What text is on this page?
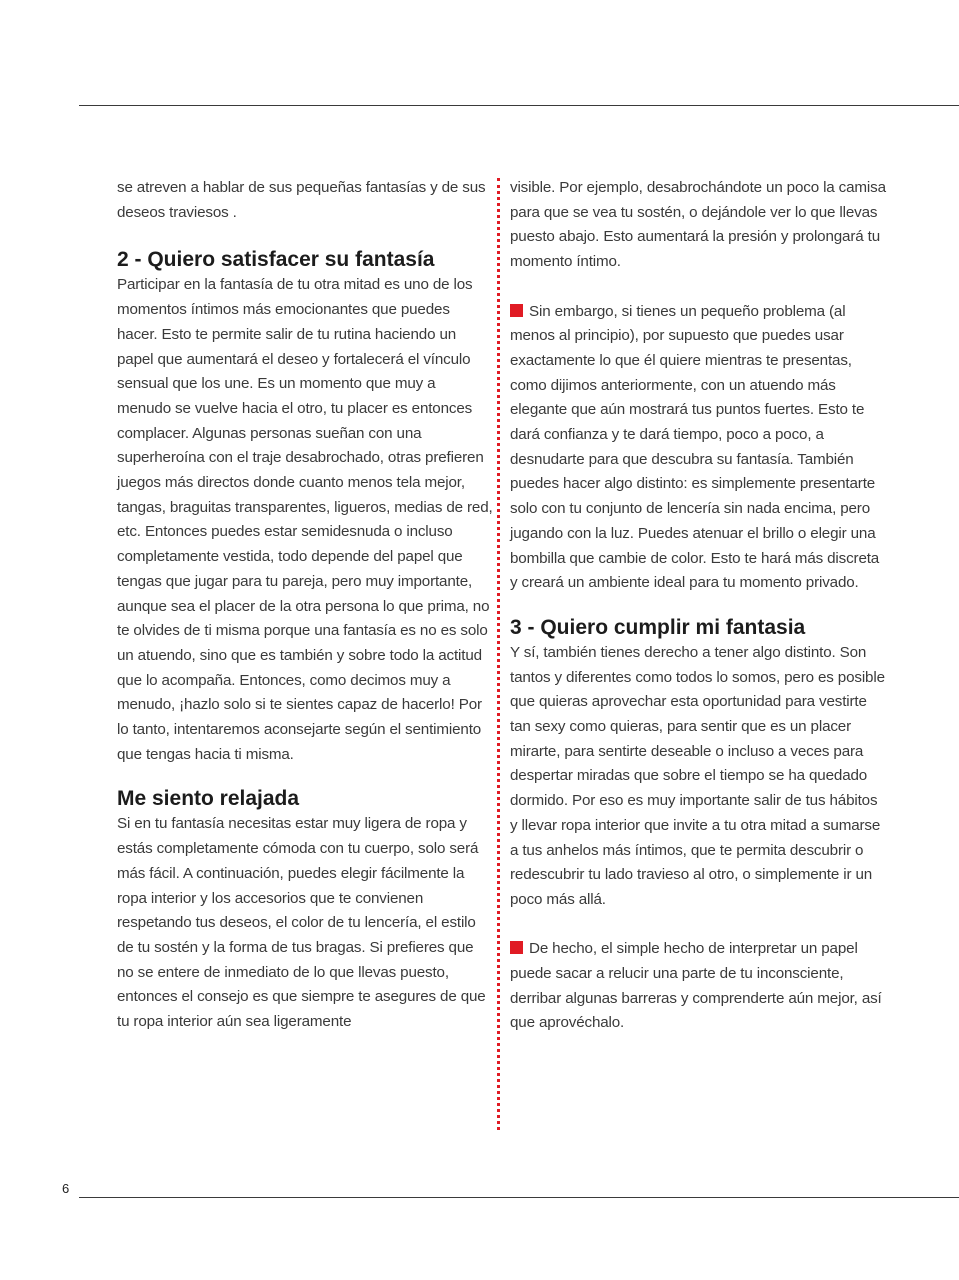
se atreven a hablar de sus pequeñas fantasías y de sus deseos traviesos .

2 - Quiero satisfacer su fantasía

Participar en la fantasía de tu otra mitad es uno de los momentos íntimos más emocionantes que puedes hacer. Esto te permite salir de tu rutina haciendo un papel que aumentará el deseo y fortalecerá el vínculo sensual que los une. Es un momento que muy a menudo se vuelve hacia el otro, tu placer es entonces complacer. Algunas personas sueñan con una superheroína con el traje desabrochado, otras prefieren juegos más directos donde cuanto menos tela mejor, tangas, braguitas transparentes, ligueros, medias de red, etc. Entonces puedes estar semidesnuda o incluso completamente vestida, todo depende del papel que tengas que jugar para tu pareja, pero muy importante, aunque sea el placer de la otra persona lo que prima, no te olvides de ti misma porque una fantasía es no es solo un atuendo, sino que es también y sobre todo la actitud que lo acompaña. Entonces, como decimos muy a menudo, ¡hazlo solo si te sientes capaz de hacerlo! Por lo tanto, intentaremos aconsejarte según el sentimiento que tengas hacia ti misma.

Me siento relajada

Si en tu fantasía necesitas estar muy ligera de ropa y estás completamente cómoda con tu cuerpo, solo será más fácil. A continuación, puedes elegir fácilmente la ropa interior y los accesorios que te convienen respetando tus deseos, el color de tu lencería, el estilo de tu sostén y la forma de tus bragas. Si prefieres que no se entere de inmediato de lo que llevas puesto, entonces el consejo es que siempre te asegures de que tu ropa interior aún sea ligeramente

visible. Por ejemplo, desabrochándote un poco la camisa para que se vea tu sostén, o dejándole ver lo que llevas puesto abajo. Esto aumentará la presión y prolongará tu momento íntimo.

Sin embargo, si tienes un pequeño problema (al menos al principio), por supuesto que puedes usar exactamente lo que él quiere mientras te presentas, como dijimos anteriormente, con un atuendo más elegante que aún mostrará tus puntos fuertes. Esto te dará confianza y te dará tiempo, poco a poco, a desnudarte para que descubra su fantasía. También puedes hacer algo distinto: es simplemente presentarte solo con tu conjunto de lencería sin nada encima, pero jugando con la luz. Puedes atenuar el brillo o elegir una bombilla que cambie de color. Esto te hará más discreta y creará un ambiente ideal para tu momento privado.

3 - Quiero cumplir mi fantasia

Y sí, también tienes derecho a tener algo distinto. Son tantos y diferentes como todos lo somos, pero es posible que quieras aprovechar esta oportunidad para vestirte tan sexy como quieras, para sentir que es un placer mirarte, para sentirte deseable o incluso a veces para despertar miradas que sobre el tiempo se ha quedado dormido. Por eso es muy importante salir de tus hábitos y llevar ropa interior que invite a tu otra mitad a sumarse a tus anhelos más íntimos, que te permita descubrir o redescubrir tu lado travieso al otro, o simplemente ir un poco más allá.

De hecho, el simple hecho de interpretar un papel puede sacar a relucir una parte de tu inconsciente, derribar algunas barreras y comprenderte aún mejor, así que aprovéchalo.

6
